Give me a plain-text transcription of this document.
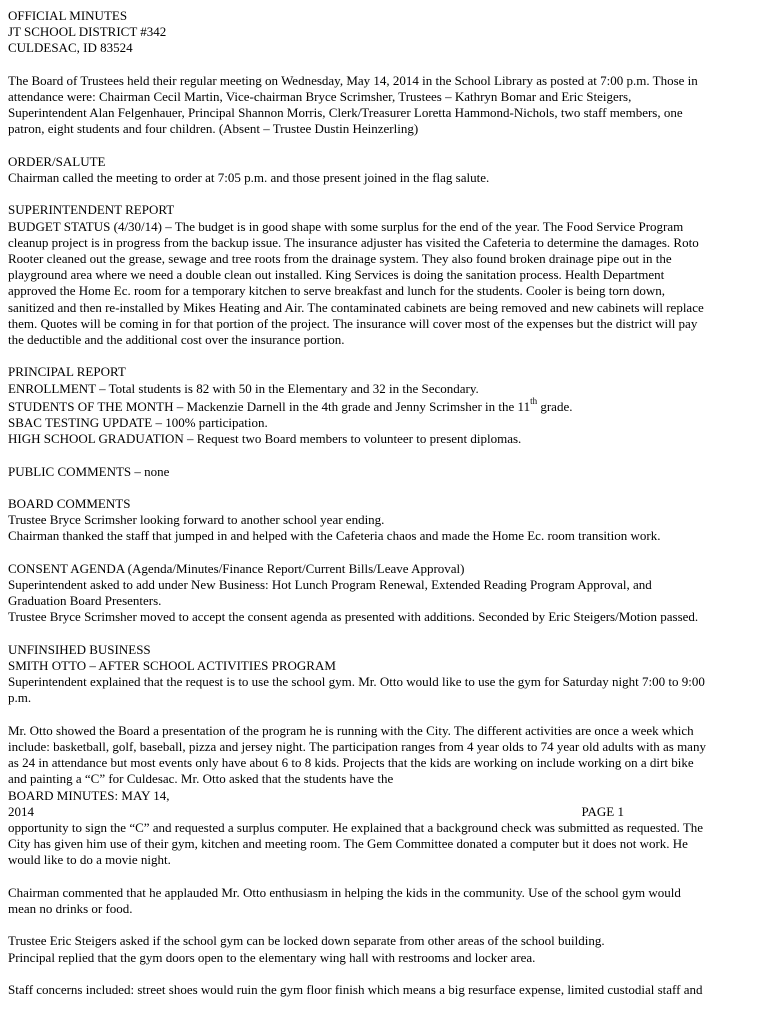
OFFICIAL MINUTES
JT SCHOOL DISTRICT #342
CULDESAC, ID 83524
The Board of Trustees held their regular meeting on Wednesday, May 14, 2014 in the School Library as posted at 7:00 p.m. Those in
attendance were: Chairman Cecil Martin, Vice-chairman Bryce Scrimsher, Trustees – Kathryn Bomar and Eric Steigers,
Superintendent Alan Felgenhauer, Principal Shannon Morris, Clerk/Treasurer Loretta Hammond-Nichols, two staff members, one
patron, eight students and four children. (Absent – Trustee Dustin Heinzerling)
ORDER/SALUTE
Chairman called the meeting to order at 7:05 p.m. and those present joined in the flag salute.
SUPERINTENDENT REPORT
BUDGET STATUS (4/30/14) – The budget is in good shape with some surplus for the end of the year. The Food Service Program
cleanup project is in progress from the backup issue. The insurance adjuster has visited the Cafeteria to determine the damages. Roto
Rooter cleaned out the grease, sewage and tree roots from the drainage system. They also found broken drainage pipe out in the
playground area where we need a double clean out installed. King Services is doing the sanitation process. Health Department
approved the Home Ec. room for a temporary kitchen to serve breakfast and lunch for the students. Cooler is being torn down,
sanitized and then re-installed by Mikes Heating and Air. The contaminated cabinets are being removed and new cabinets will replace
them. Quotes will be coming in for that portion of the project. The insurance will cover most of the expenses but the district will pay
the deductible and the additional cost over the insurance portion.
PRINCIPAL REPORT
ENROLLMENT – Total students is 82 with 50 in the Elementary and 32 in the Secondary.
STUDENTS OF THE MONTH – Mackenzie Darnell in the 4th grade and Jenny Scrimsher in the 11th grade.
SBAC TESTING UPDATE – 100% participation.
HIGH SCHOOL GRADUATION – Request two Board members to volunteer to present diplomas.
PUBLIC COMMENTS – none
BOARD COMMENTS
Trustee Bryce Scrimsher looking forward to another school year ending.
Chairman thanked the staff that jumped in and helped with the Cafeteria chaos and made the Home Ec. room transition work.
CONSENT AGENDA (Agenda/Minutes/Finance Report/Current Bills/Leave Approval)
Superintendent asked to add under New Business: Hot Lunch Program Renewal, Extended Reading Program Approval, and
Graduation Board Presenters.
Trustee Bryce Scrimsher moved to accept the consent agenda as presented with additions. Seconded by Eric Steigers/Motion passed.
UNFINSIHED BUSINESS
SMITH OTTO – AFTER SCHOOL ACTIVITIES PROGRAM
Superintendent explained that the request is to use the school gym. Mr. Otto would like to use the gym for Saturday night 7:00 to 9:00
p.m.
Mr. Otto showed the Board a presentation of the program he is running with the City. The different activities are once a week which
include: basketball, golf, baseball, pizza and jersey night. The participation ranges from 4 year olds to 74 year old adults with as many
as 24 in attendance but most events only have about 6 to 8 kids. Projects that the kids are working on include working on a dirt bike
and painting a “C” for Culdesac. Mr. Otto asked that the students have the
BOARD MINUTES: MAY 14,
2014	PAGE 1
opportunity to sign the “C” and requested a surplus computer. He explained that a background check was submitted as requested. The
City has given him use of their gym, kitchen and meeting room. The Gem Committee donated a computer but it does not work. He
would like to do a movie night.
Chairman commented that he applauded Mr. Otto enthusiasm in helping the kids in the community. Use of the school gym would
mean no drinks or food.
Trustee Eric Steigers asked if the school gym can be locked down separate from other areas of the school building.
Principal replied that the gym doors open to the elementary wing hall with restrooms and locker area.
Staff concerns included: street shoes would ruin the gym floor finish which means a big resurface expense, limited custodial staff and
